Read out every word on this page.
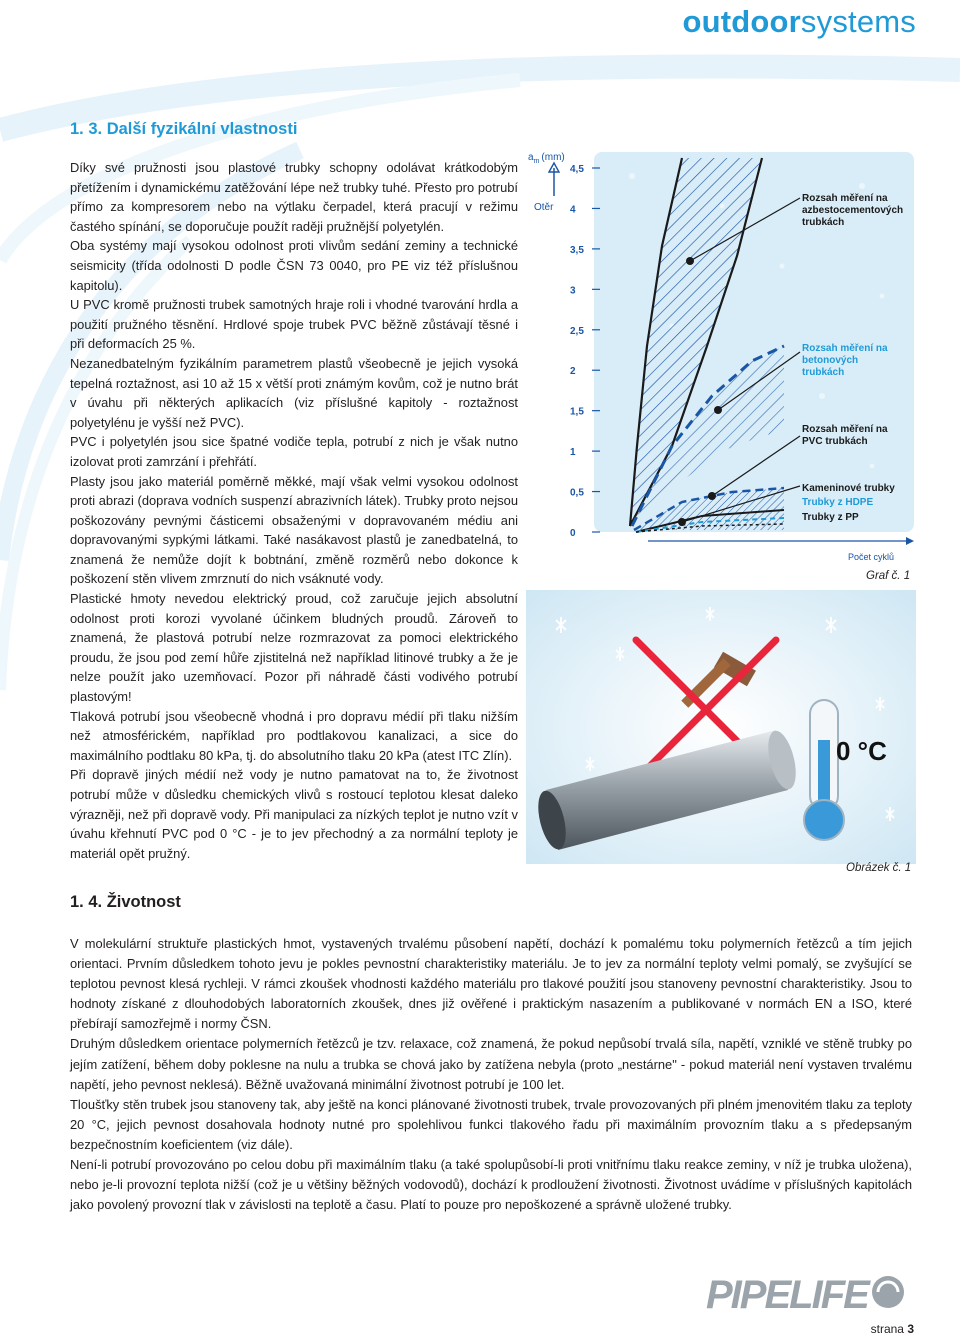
outdoorsystems
1. 3. Další fyzikální vlastnosti

Díky své pružnosti jsou plastové trubky schopny odolávat krátkodobým přetížením i dynamickému zatěžování lépe než trubky tuhé. Přesto pro potrubí přímo za kompresorem nebo na výtlaku čerpadel, která pracují v režimu častého spínání, se doporučuje použít raději pružnější polyetylén.

Oba systémy mají vysokou odolnost proti vlivům sedání zeminy a technické seismicity (třída odolnosti D podle ČSN 73 0040, pro PE viz též příslušnou kapitolu).

U PVC kromě pružnosti trubek samotných hraje roli i vhodné tvarování hrdla a použití pružného těsnění. Hrdlové spoje trubek PVC běžně zůstávají těsné i při deformacích 25 %.

Nezanedbatelným fyzikálním parametrem plastů všeobecně je jejich vysoká tepelná roztažnost, asi 10 až 15 x větší proti známým kovům, což je nutno brát v úvahu při některých aplikacích (viz příslušné kapitoly - roztažnost polyetylénu je vyšší než PVC).

PVC i polyetylén jsou sice špatné vodiče tepla, potrubí z nich je však nutno izolovat proti zamrzání i přehřátí.

Plasty jsou jako materiál poměrně měkké, mají však velmi vysokou odolnost proti abrazi (doprava vodních suspenzí abrazivních látek). Trubky proto nejsou poškozovány pevnými částicemi obsaženými v dopravovaném médiu ani dopravovanými sypkými látkami. Také nasákavost plastů je zanedbatelná, to znamená že nemůže dojít k bobtnání, změně rozměrů nebo dokonce k poškození stěn vlivem zmrznutí do nich vsáknuté vody.

Plastické hmoty nevedou elektrický proud, což zaručuje jejich absolutní odolnost proti korozi vyvolané účinkem bludných proudů. Zároveň to znamená, že plastová potrubí nelze rozmrazovat za pomoci elektrického proudu, že jsou pod zemí hůře zjistitelná než například litinové trubky a že je nelze použít jako uzemňovací. Pozor při náhradě části vodivého potrubí plastovým!

Tlaková potrubí jsou všeobecně vhodná i pro dopravu médií při tlaku nižším než atmosférickém, například pro podtlakovou kanalizaci, a sice do maximálního podtlaku 80 kPa, tj. do absolutního tlaku 20 kPa (atest ITC Zlín).

Při dopravě jiných médií než vody je nutno pamatovat na to, že životnost potrubí může v důsledku chemických vlivů s rostoucí teplotou klesat daleko výrazněji, než při dopravě vody. Při manipulaci za nízkých teplot je nutno vzít v úvahu křehnutí PVC pod 0 °C - je to jev přechodný a za normální teploty je materiál opět pružný.

4,5
4
3,5
3
2,5
2
1,5
1
0,5
0
200 000	400 000	800 000
$a_m$ (mm)
Otěr
Počet cyklů
Rozsah měření na
azbestocementových
trubkách
Rozsah měření na
betonových
trubkách
Rozsah měření na
PVC trubkách
Kameninové trubky
Trubky z HDPE
Trubky z PP
Graf č. 1
0 °C
Obrázek č. 1
1. 4. Životnost

V molekulární struktuře plastických hmot, vystavených trvalému působení napětí, dochází k pomalému toku polymerních řetězců a tím jejich orientaci. Prvním důsledkem tohoto jevu je pokles pevnostní charakteristiky materiálu. Je to jev za normální teploty velmi pomalý, se zvyšující se teplotou pevnost klesá rychleji. V rámci zkoušek vhodnosti každého materiálu pro tlakové použití jsou stanoveny pevnostní charakteristiky. Jsou to hodnoty získané z dlouhodobých laboratorních zkoušek, dnes již ověřené i praktickým nasazením a publikované v normách EN a ISO, které přebírají samozřejmě i normy ČSN.

Druhým důsledkem orientace polymerních řetězců je tzv. relaxace, což znamená, že pokud nepůsobí trvalá síla, napětí, vzniklé ve stěně trubky po jejím zatížení, během doby poklesne na nulu a trubka se chová jako by zatížena nebyla (proto „nestárne" - pokud materiál není vystaven trvalému napětí, jeho pevnost neklesá). Běžně uvažovaná minimální životnost potrubí je 100 let.

Tloušťky stěn trubek jsou stanoveny tak, aby ještě na konci plánované životnosti trubek, trvale provozovaných při plném jmenovitém tlaku za teploty 20 °C, jejich pevnost dosahovala hodnoty nutné pro spolehlivou funkci tlakového řadu při maximálním provozním tlaku a s předepsaným bezpečnostním koeficientem (viz dále).

Není-li potrubí provozováno po celou dobu při maximálním tlaku (a také spolupůsobí-li proti vnitřnímu tlaku reakce zeminy, v níž je trubka uložena), nebo je-li provozní teplota nižší (což je u většiny běžných vodovodů), dochází k prodloužení životnosti. Životnost uvádíme v příslušných kapitolách jako povolený provozní tlak v závislosti na teplotě a času. Platí to pouze pro nepoškozené a správně uložené trubky.

PIPELIFE
strana 3
